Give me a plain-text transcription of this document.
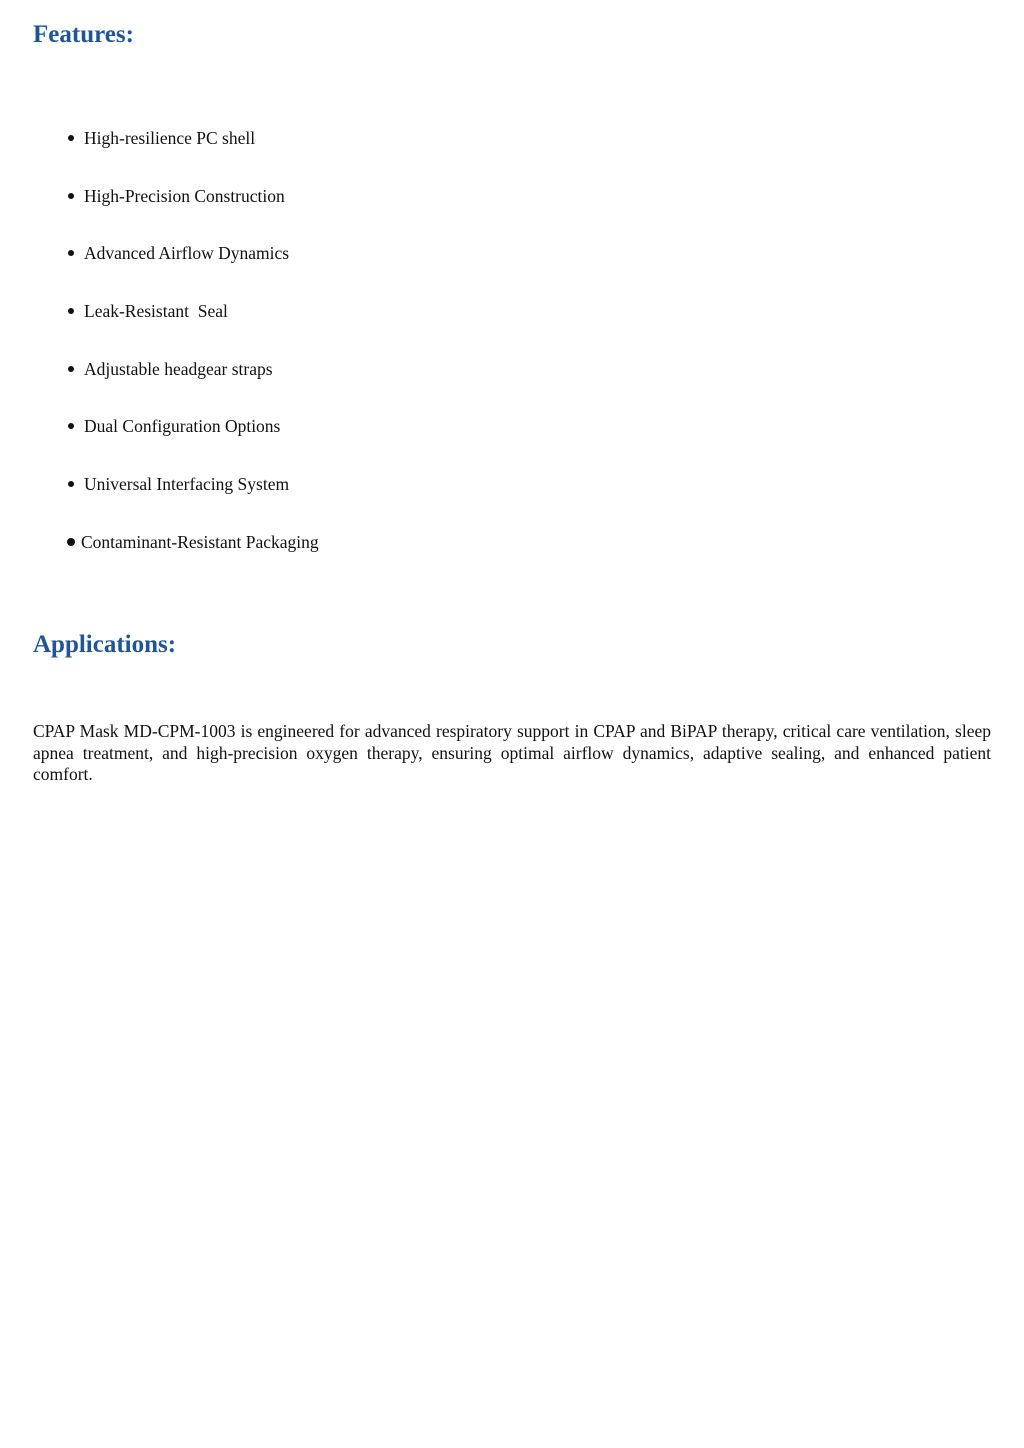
Features:
High-resilience PC shell
High-Precision Construction
Advanced Airflow Dynamics
Leak-Resistant  Seal
Adjustable headgear straps
Dual Configuration Options
Universal Interfacing System
Contaminant-Resistant Packaging
Applications:

CPAP Mask MD-CPM-1003 is engineered for advanced respiratory support in CPAP and BiPAP therapy, critical care ventilation, sleep apnea treatment, and high-precision oxygen therapy, ensuring optimal airflow dynamics, adaptive sealing, and enhanced patient comfort.
